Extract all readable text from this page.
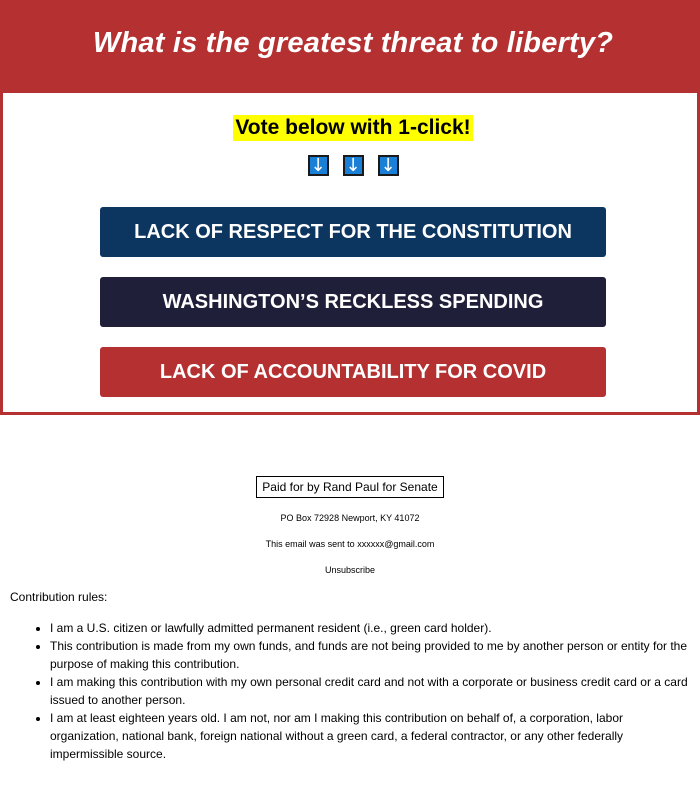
What is the greatest threat to liberty?
Vote below with 1-click!
↓ ↓ ↓
LACK OF RESPECT FOR THE CONSTITUTION
WASHINGTON’S RECKLESS SPENDING
LACK OF ACCOUNTABILITY FOR COVID
Paid for by Rand Paul for Senate
PO Box 72928 Newport, KY 41072
This email was sent to xxxxxx@gmail.com
Unsubscribe

Contribution rules:

• I am a U.S. citizen or lawfully admitted permanent resident (i.e., green card holder).
• This contribution is made from my own funds, and funds are not being provided to me by another person or entity for the purpose of making this contribution.
• I am making this contribution with my own personal credit card and not with a corporate or business credit card or a card issued to another person.
• I am at least eighteen years old. I am not, nor am I making this contribution on behalf of, a corporation, labor organization, national bank, foreign national without a green card, a federal contractor, or any other federally impermissible source.
